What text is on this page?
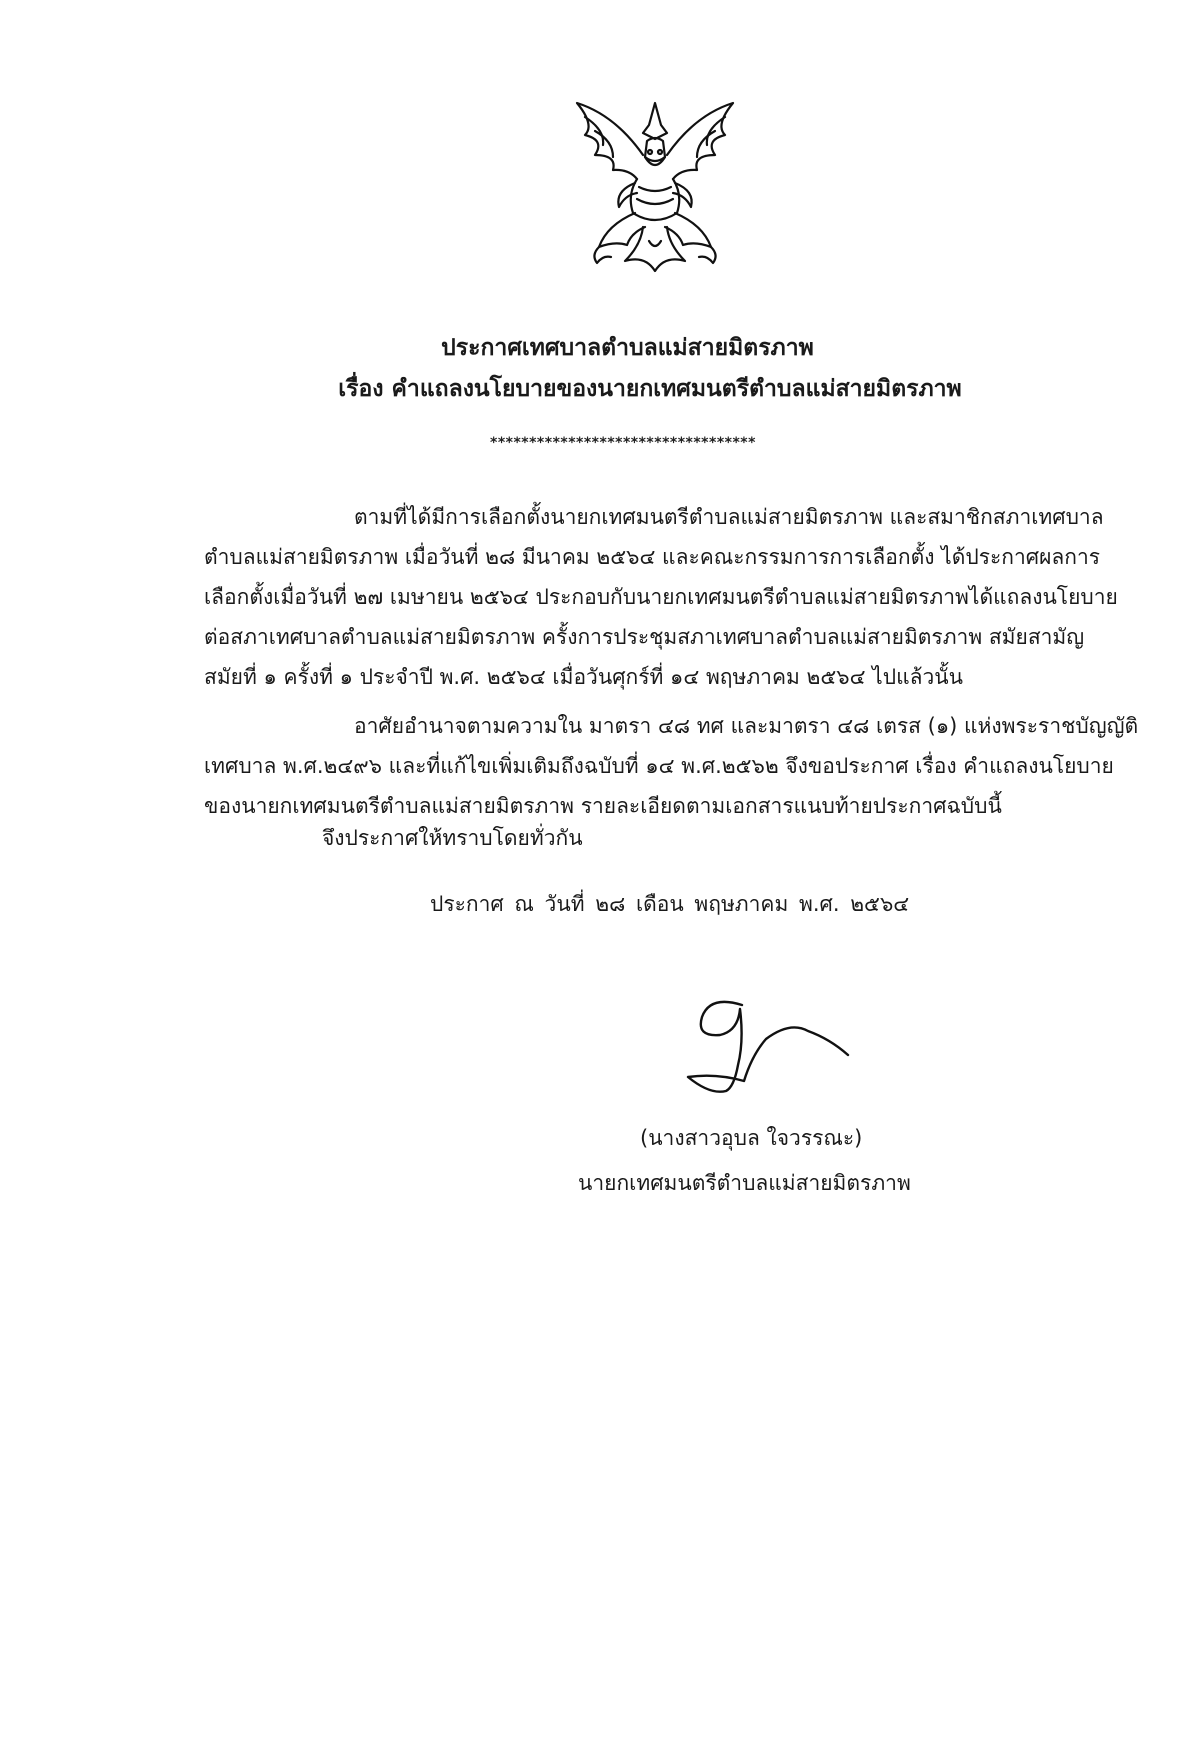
ประกาศเทศบาลตำบลแม่สายมิตรภาพ
เรื่อง คำแถลงนโยบายของนายกเทศมนตรีตำบลแม่สายมิตรภาพ
**********************************

ตามที่ได้มีการเลือกตั้งนายกเทศมนตรีตำบลแม่สายมิตรภาพ และสมาชิกสภาเทศบาล
ตำบลแม่สายมิตรภาพ เมื่อวันที่ ๒๘ มีนาคม ๒๕๖๔ และคณะกรรมการการเลือกตั้ง ได้ประกาศผลการ
เลือกตั้งเมื่อวันที่ ๒๗ เมษายน ๒๕๖๔ ประกอบกับนายกเทศมนตรีตำบลแม่สายมิตรภาพได้แถลงนโยบาย
ต่อสภาเทศบาลตำบลแม่สายมิตรภาพ ครั้งการประชุมสภาเทศบาลตำบลแม่สายมิตรภาพ สมัยสามัญ
สมัยที่ ๑ ครั้งที่ ๑ ประจำปี พ.ศ. ๒๕๖๔ เมื่อวันศุกร์ที่ ๑๔ พฤษภาคม ๒๕๖๔ ไปแล้วนั้น

อาศัยอำนาจตามความใน มาตรา ๔๘ ทศ และมาตรา ๔๘ เตรส (๑) แห่งพระราชบัญญัติ
เทศบาล พ.ศ.๒๔๙๖ และที่แก้ไขเพิ่มเติมถึงฉบับที่ ๑๔ พ.ศ.๒๕๖๒ จึงขอประกาศ เรื่อง คำแถลงนโยบาย
ของนายกเทศมนตรีตำบลแม่สายมิตรภาพ รายละเอียดตามเอกสารแนบท้ายประกาศฉบับนี้

จึงประกาศให้ทราบโดยทั่วกัน
ประกาศ ณ วันที่ ๒๘ เดือน พฤษภาคม พ.ศ. ๒๕๖๔
(นางสาวอุบล ใจวรรณะ)
นายกเทศมนตรีตำบลแม่สายมิตรภาพ
